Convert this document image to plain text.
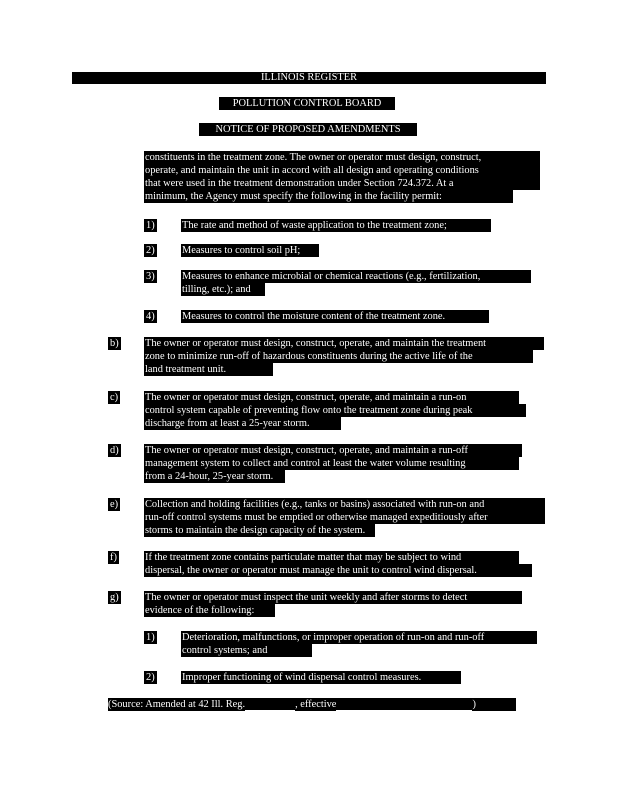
ILLINOIS REGISTER
POLLUTION CONTROL BOARD
NOTICE OF PROPOSED AMENDMENTS
constituents in the treatment zone. The owner or operator must design, construct,
operate, and maintain the unit in accord with all design and operating conditions
that were used in the treatment demonstration under Section 724.372. At a
minimum, the Agency must specify the following in the facility permit:
1)	The rate and method of waste application to the treatment zone;
2)	Measures to control soil pH;
3)	Measures to enhance microbial or chemical reactions (e.g., fertilization,
tilling, etc.); and
4)	Measures to control the moisture content of the treatment zone.
b)	The owner or operator must design, construct, operate, and maintain the treatment
zone to minimize run-off of hazardous constituents during the active life of the
land treatment unit.
c)	The owner or operator must design, construct, operate, and maintain a run-on
control system capable of preventing flow onto the treatment zone during peak
discharge from at least a 25-year storm.
d)	The owner or operator must design, construct, operate, and maintain a run-off
management system to collect and control at least the water volume resulting
from a 24-hour, 25-year storm.
e)	Collection and holding facilities (e.g., tanks or basins) associated with run-on and
run-off control systems must be emptied or otherwise managed expeditiously after
storms to maintain the design capacity of the system.
f)	If the treatment zone contains particulate matter that may be subject to wind
dispersal, the owner or operator must manage the unit to control wind dispersal.
g)	The owner or operator must inspect the unit weekly and after storms to detect
evidence of the following:
1)	Deterioration, malfunctions, or improper operation of run-on and run-off
control systems; and
2)	Improper functioning of wind dispersal control measures.
(Source: Amended at 42 Ill. Reg.	, effective	)
